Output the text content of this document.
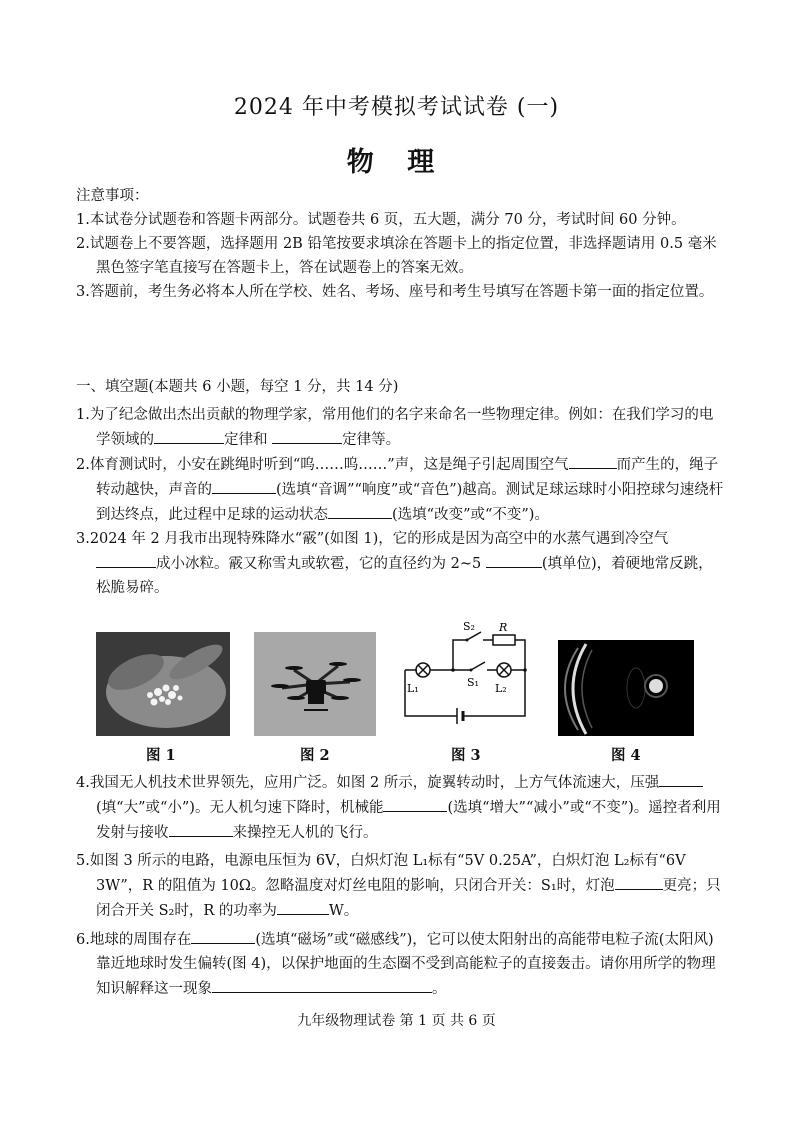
2024 年中考模拟考试试卷 (一)
物 理
注意事项：
1.本试卷分试题卷和答题卡两部分。试题卷共 6 页，五大题，满分 70 分，考试时间 60 分钟。
2.试题卷上不要答题，选择题用 2B 铅笔按要求填涂在答题卡上的指定位置，非选择题请用 0.5 毫米黑色签字笔直接写在答题卡上，答在试题卷上的答案无效。
3.答题前，考生务必将本人所在学校、姓名、考场、座号和考生号填写在答题卡第一面的指定位置。
一、填空题(本题共 6 小题，每空 1 分，共 14 分)
1.为了纪念做出杰出贡献的物理学家，常用他们的名字来命名一些物理定律。例如：在我们学习的电学领域的	定律和	定律等。
2.体育测试时，小安在跳绳时听到“呜……呜……”声，这是绳子引起周围空气	而产生的，绳子转动越快，声音的	(选填“音调”“响度”或“音色”)越高。测试足球运球时小阳控球匀速绕杆到达终点，此过程中足球的运动状态	(选填“改变”或“不变”)。
3.2024 年 2 月我市出现特殊降水“霰”(如图 1)，它的形成是因为高空中的水蒸气遇到冷空气 成小冰粒。霰又称雪丸或软雹，它的直径约为 2~5	(填单位)，着硬地常反跳，松脆易碎。
S₂ R
L₁	S₁ L₂
图 1	图 2	图 3	图 4
4.我国无人机技术世界领先，应用广泛。如图 2 所示，旋翼转动时，上方气体流速大，压强(填“大”或“小”)。无人机匀速下降时，机械能	(选填“增大”“减小”或“不变”)。遥控者利用发射与接收	来操控无人机的飞行。
5.如图 3 所示的电路，电源电压恒为 6V，白炽灯泡 L₁标有“5V 0.25A”，白炽灯泡 L₂标有“6V 3W”，R 的阻值为 10Ω。忽略温度对灯丝电阻的影响，只闭合开关：S₁时，灯泡	更亮；只闭合开关 S₂时，R 的功率为	W。
6.地球的周围存在	(选填“磁场”或“磁感线”)，它可以使太阳射出的高能带电粒子流(太阳风)靠近地球时发生偏转(图 4)，以保护地面的生态圈不受到高能粒子的直接轰击。请你用所学的物理知识解释这一现象	。
九年级物理试卷 第 1 页 共 6 页
